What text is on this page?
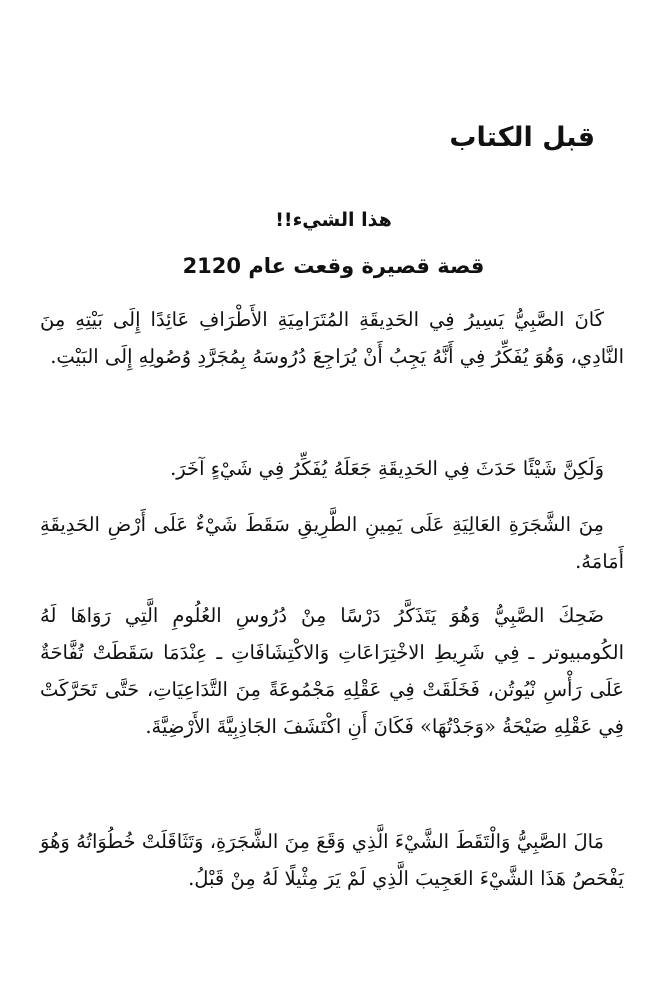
قبل الكتاب
هذا الشيء!!
قصة قصيرة وقعت عام 2120

كَانَ الصَّبِيُّ يَسِيرُ فِي الحَدِيقَةِ المُتَرَامِيَةِ الأَطْرَافِ عَائِدًا إِلَى بَيْتِهِ مِنَ النَّادِي، وَهُوَ يُفَكِّرُ فِي أَنَّهُ يَجِبُ أَنْ يُرَاجِعَ دُرُوسَهُ بِمُجَرَّدِ وُصُولِهِ إِلَى البَيْتِ.

وَلَكِنَّ شَيْئًا حَدَثَ فِي الحَدِيقَةِ جَعَلَهُ يُفَكِّرُ فِي شَيْءٍ آخَرَ.

مِنَ الشَّجَرَةِ العَالِيَةِ عَلَى يَمِينِ الطَّرِيقِ سَقَطَ شَيْءٌ عَلَى أَرْضِ الحَدِيقَةِ أَمَامَهُ.

ضَحِكَ الصَّبِيُّ وَهُوَ يَتَذَكَّرُ دَرْسًا مِنْ دُرُوسِ العُلُومِ الَّتِي رَوَاهَا لَهُ الكُومبيوتر ـ فِي شَرِيطِ الاخْتِرَاعَاتِ وَالاكْتِشَافَاتِ ـ عِنْدَمَا سَقَطَتْ تُفَّاحَةٌ عَلَى رَأْسِ نْيُوتُن، فَخَلَقَتْ فِي عَقْلِهِ مَجْمُوعَةً مِنَ التَّدَاعِيَاتِ، حَتَّى تَحَرَّكَتْ فِي عَقْلِهِ صَيْحَةُ «وَجَدْتُهَا» فَكَانَ أَنِ اكْتَشَفَ الجَاذِبِيَّةَ الأَرْضِيَّةَ.

مَالَ الصَّبِيُّ وَالْتَقَطَ الشَّيْءَ الَّذِي وَقَعَ مِنَ الشَّجَرَةِ، وَتَثَاقَلَتْ خُطُوَاتُهُ وَهُوَ يَفْحَصُ هَذَا الشَّيْءَ العَجِيبَ الَّذِي لَمْ يَرَ مِثْيلًا لَهُ مِنْ قَبْلُ.
